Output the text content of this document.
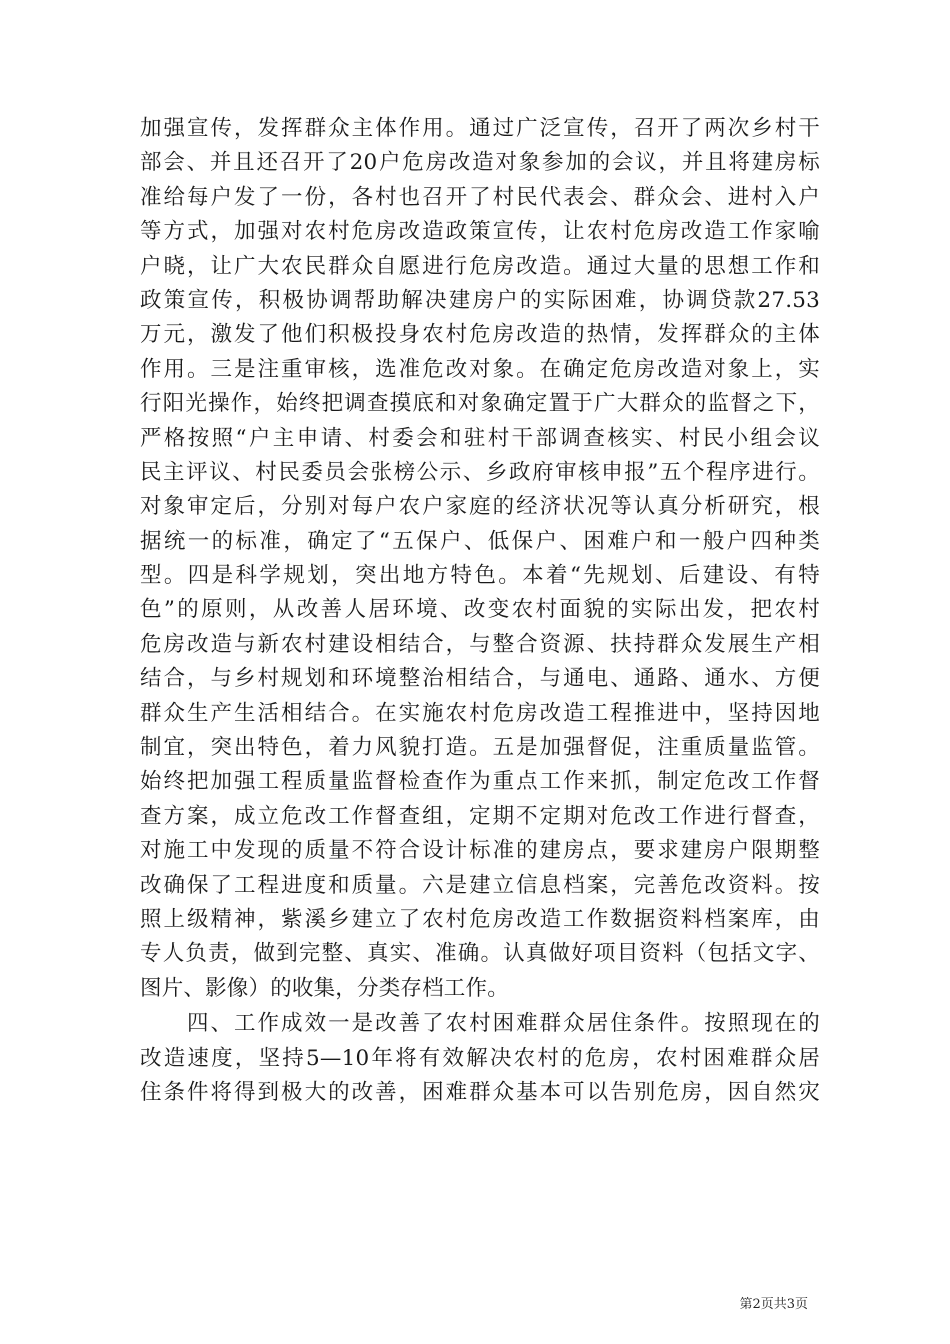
加强宣传，发挥群众主体作用。通过广泛宣传，召开了两次乡村干
部会、并且还召开了20户危房改造对象参加的会议，并且将建房标
准给每户发了一份，各村也召开了村民代表会、群众会、进村入户
等方式，加强对农村危房改造政策宣传，让农村危房改造工作家喻
户晓，让广大农民群众自愿进行危房改造。通过大量的思想工作和
政策宣传，积极协调帮助解决建房户的实际困难，协调贷款27.53
万元，激发了他们积极投身农村危房改造的热情，发挥群众的主体
作用。三是注重审核，选准危改对象。在确定危房改造对象上，实
行阳光操作，始终把调查摸底和对象确定置于广大群众的监督之下，
严格按照“户主申请、村委会和驻村干部调查核实、村民小组会议
民主评议、村民委员会张榜公示、乡政府审核申报”五个程序进行。
对象审定后，分别对每户农户家庭的经济状况等认真分析研究，根
据统一的标准，确定了“五保户、低保户、困难户和一般户四种类
型。四是科学规划，突出地方特色。本着“先规划、后建设、有特
色”的原则，从改善人居环境、改变农村面貌的实际出发，把农村
危房改造与新农村建设相结合，与整合资源、扶持群众发展生产相
结合，与乡村规划和环境整治相结合，与通电、通路、通水、方便
群众生产生活相结合。在实施农村危房改造工程推进中，坚持因地
制宜，突出特色，着力风貌打造。五是加强督促，注重质量监管。
始终把加强工程质量监督检查作为重点工作来抓，制定危改工作督
查方案，成立危改工作督查组，定期不定期对危改工作进行督查，
对施工中发现的质量不符合设计标准的建房点，要求建房户限期整
改确保了工程进度和质量。六是建立信息档案，完善危改资料。按
照上级精神，紫溪乡建立了农村危房改造工作数据资料档案库，由
专人负责，做到完整、真实、准确。认真做好项目资料（包括文字、
图片、影像）的收集，分类存档工作。
　　四、工作成效一是改善了农村困难群众居住条件。按照现在的
改造速度，坚持5—10年将有效解决农村的危房，农村困难群众居
住条件将得到极大的改善，困难群众基本可以告别危房，因自然灾
第2页共3页
